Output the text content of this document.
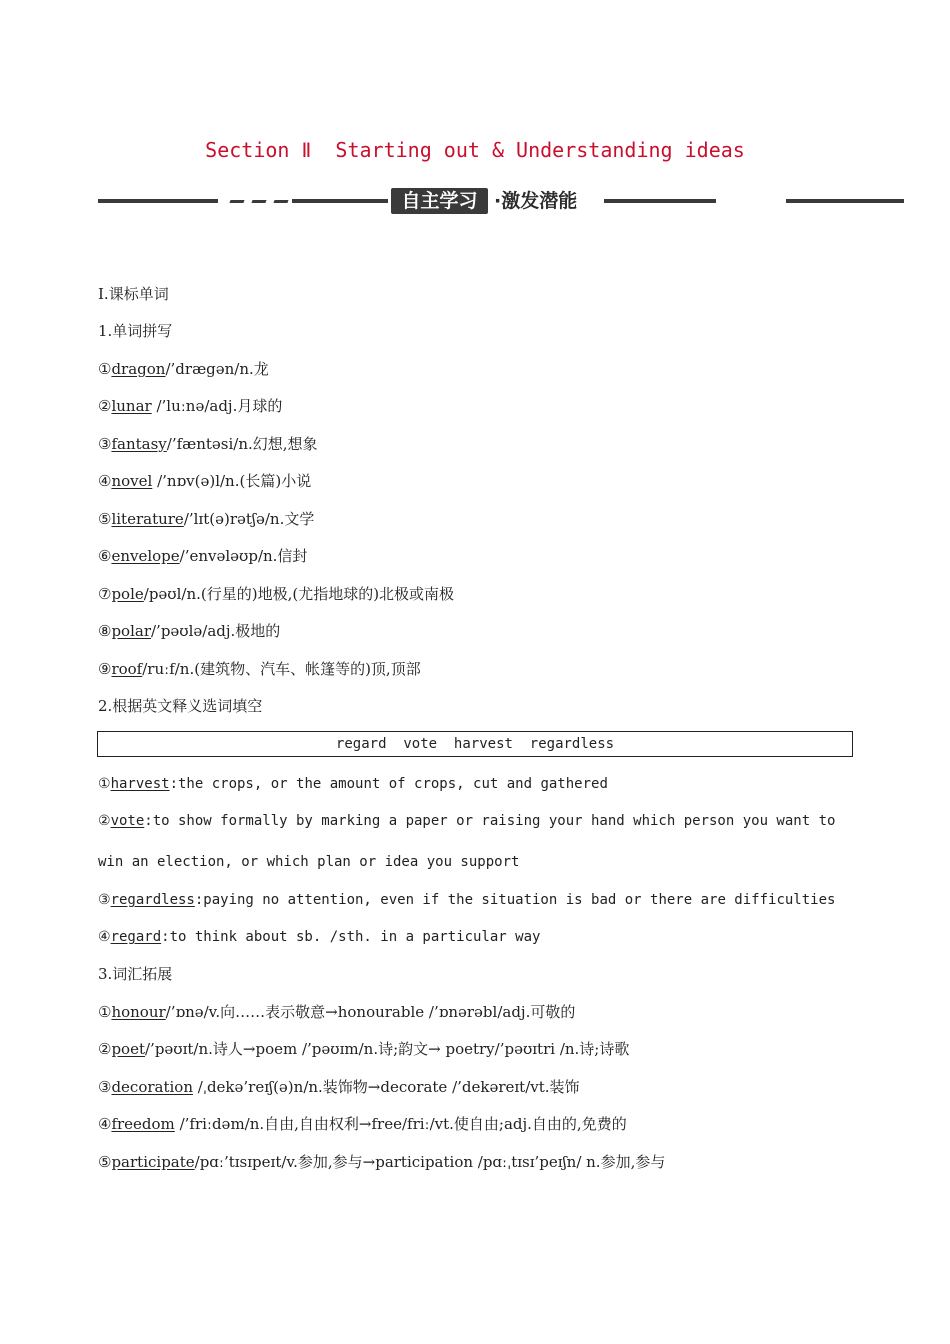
Section Ⅱ  Starting out & Understanding ideas
自主学习 ·激发潜能
Ⅰ.课标单词
1.单词拼写
①dragon/’drægən/n.龙
②lunar /’luːnə/adj.月球的
③fantasy/’fæntəsi/n.幻想,想象
④novel /’nɒv(ə)l/n.(长篇)小说
⑤literature/’lɪt(ə)rətʃə/n.文学
⑥envelope/’envələʊp/n.信封
⑦pole/pəʊl/n.(行星的)地极,(尤指地球的)北极或南极
⑧polar/’pəʊlə/adj.极地的
⑨roof/ruːf/n.(建筑物、汽车、帐篷等的)顶,顶部
2.根据英文释义选词填空
regard  vote  harvest  regardless
①harvest:the crops, or the amount of crops, cut and gathered
②vote:to show formally by marking a paper or raising your hand which person you want to
win an election, or which plan or idea you support
③regardless:paying no attention, even if the situation is bad or there are difficulties
④regard:to think about sb. /sth. in a particular way
3.词汇拓展
①honour/’ɒnə/v.向……表示敬意→honourable /’ɒnərəbl/adj.可敬的
②poet/’pəʊɪt/n.诗人→poem /’pəʊɪm/n.诗;韵文→ poetry/’pəʊɪtri /n.诗;诗歌
③decoration /ˌdekə’reɪʃ(ə)n/n.装饰物→decorate /’dekəreɪt/vt.装饰
④freedom /’friːdəm/n.自由,自由权利→free/friː/vt.使自由;adj.自由的,免费的
⑤participate/pɑː’tɪsɪpeɪt/v.参加,参与→participation /pɑːˌtɪsɪ’peɪʃn/ n.参加,参与
